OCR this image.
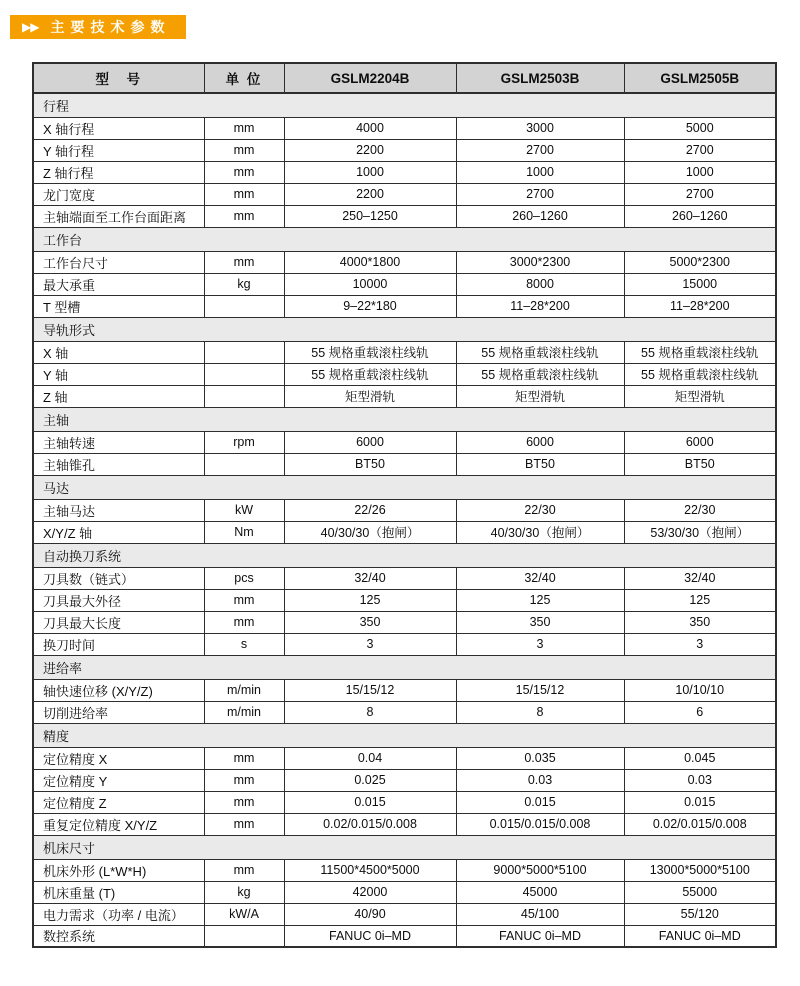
▶▶ 主要技术参数
型　号	单 位	GSLM2204B	GSLM2503B	GSLM2505B
行程				
X 轴行程	mm	4000	3000	5000
Y 轴行程	mm	2200	2700	2700
Z 轴行程	mm	1000	1000	1000
龙门宽度	mm	2200	2700	2700
主轴端面至工作台面距离	mm	250–1250	260–1260	260–1260
工作台				
工作台尺寸	mm	4000*1800	3000*2300	5000*2300
最大承重	kg	10000	8000	15000
T 型槽		9–22*180	11–28*200	11–28*200
导轨形式				
X 轴		55 规格重载滚柱线轨	55 规格重载滚柱线轨	55 规格重载滚柱线轨
Y 轴		55 规格重载滚柱线轨	55 规格重载滚柱线轨	55 规格重载滚柱线轨
Z 轴		矩型滑轨	矩型滑轨	矩型滑轨
主轴				
主轴转速	rpm	6000	6000	6000
主轴锥孔		BT50	BT50	BT50
马达				
主轴马达	kW	22/26	22/30	22/30
X/Y/Z 轴	Nm	40/30/30（抱闸）	40/30/30（抱闸）	53/30/30（抱闸）
自动换刀系统				
刀具数（链式）	pcs	32/40	32/40	32/40
刀具最大外径	mm	125	125	125
刀具最大长度	mm	350	350	350
换刀时间	s	3	3	3
进给率				
轴快速位移 (X/Y/Z)	m/min	15/15/12	15/15/12	10/10/10
切削进给率	m/min	8	8	6
精度				
定位精度 X	mm	0.04	0.035	0.045
定位精度 Y	mm	0.025	0.03	0.03
定位精度 Z	mm	0.015	0.015	0.015
重复定位精度 X/Y/Z	mm	0.02/0.015/0.008	0.015/0.015/0.008	0.02/0.015/0.008
机床尺寸				
机床外形 (L*W*H)	mm	11500*4500*5000	9000*5000*5100	13000*5000*5100
机床重量 (T)	kg	42000	45000	55000
电力需求（功率 / 电流）	kW/A	40/90	45/100	55/120
数控系统		FANUC 0i–MD	FANUC 0i–MD	FANUC 0i–MD
